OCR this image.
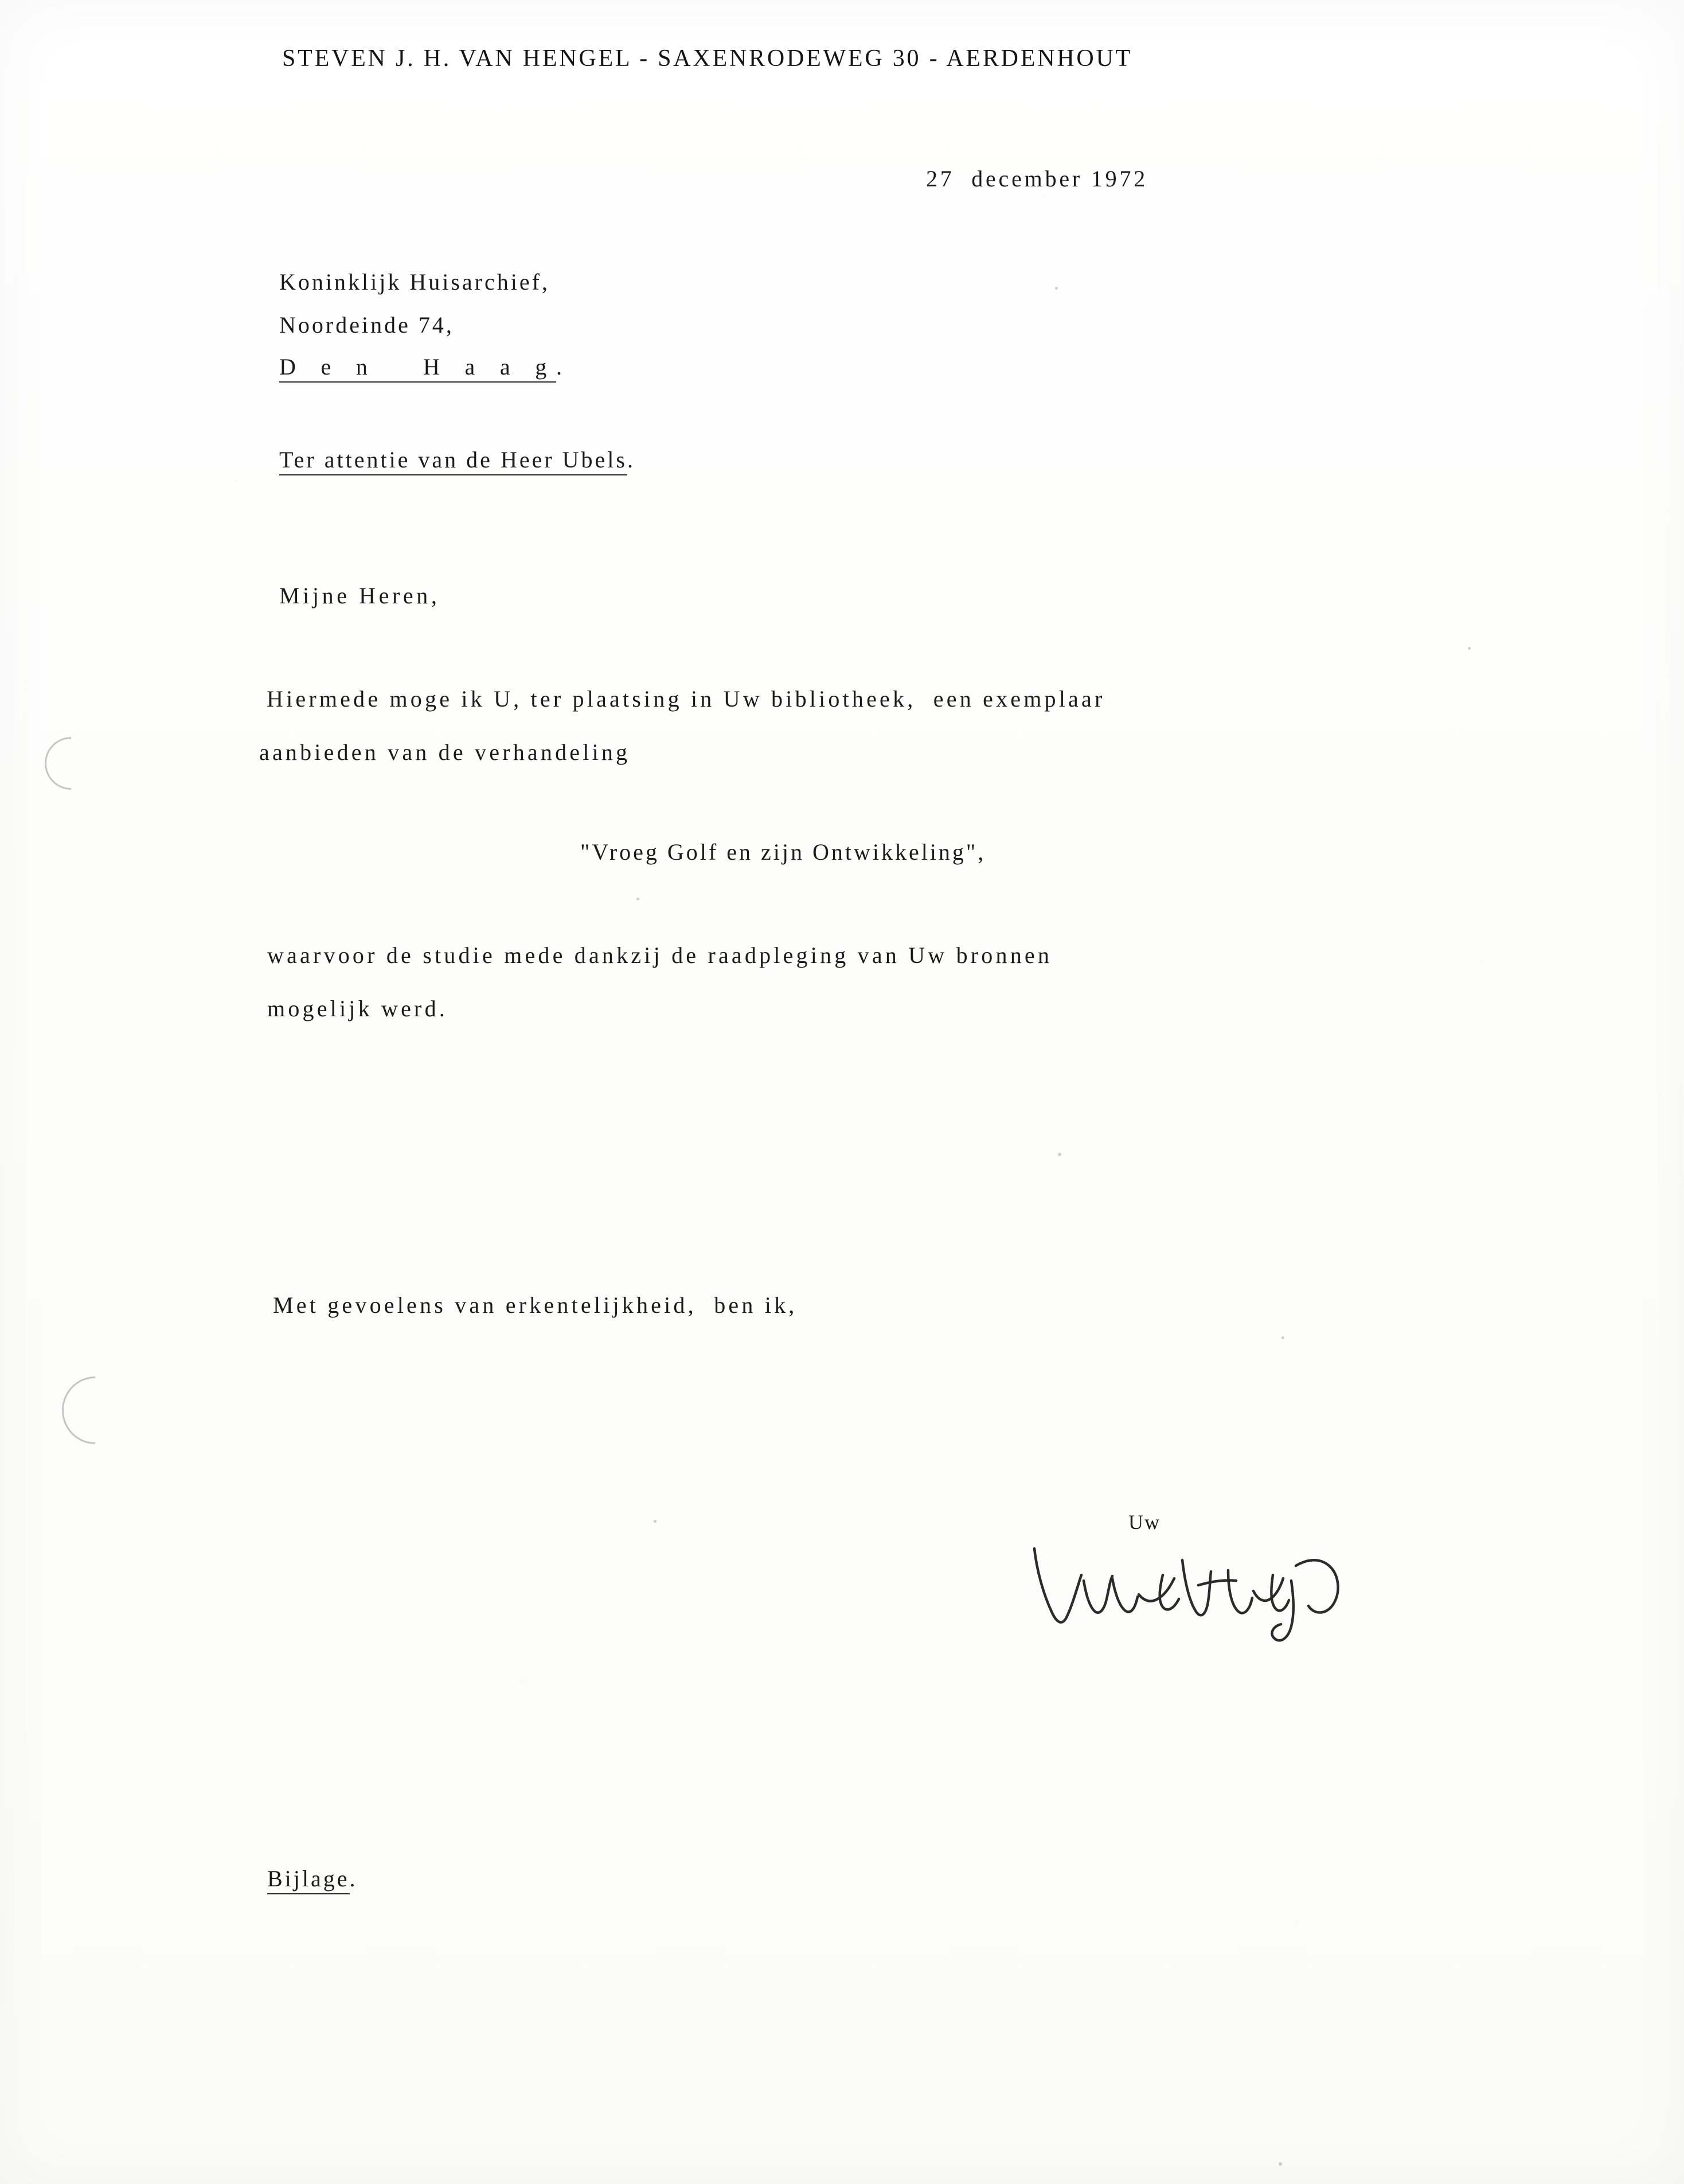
STEVEN J. H. VAN HENGEL - SAXENRODEWEG 30 - AERDENHOUT
27  december 1972
Koninklijk Huisarchief,
Noordeinde 74,
D e n   H a a g.
Ter attentie van de Heer Ubels.
Mijne Heren,
Hiermede moge ik U, ter plaatsing in Uw bibliotheek,  een exemplaar
aanbieden van de verhandeling
"Vroeg Golf en zijn Ontwikkeling",
waarvoor de studie mede dankzij de raadpleging van Uw bronnen
mogelijk werd.
Met gevoelens van erkentelijkheid,  ben ik,
Uw
Bijlage.
